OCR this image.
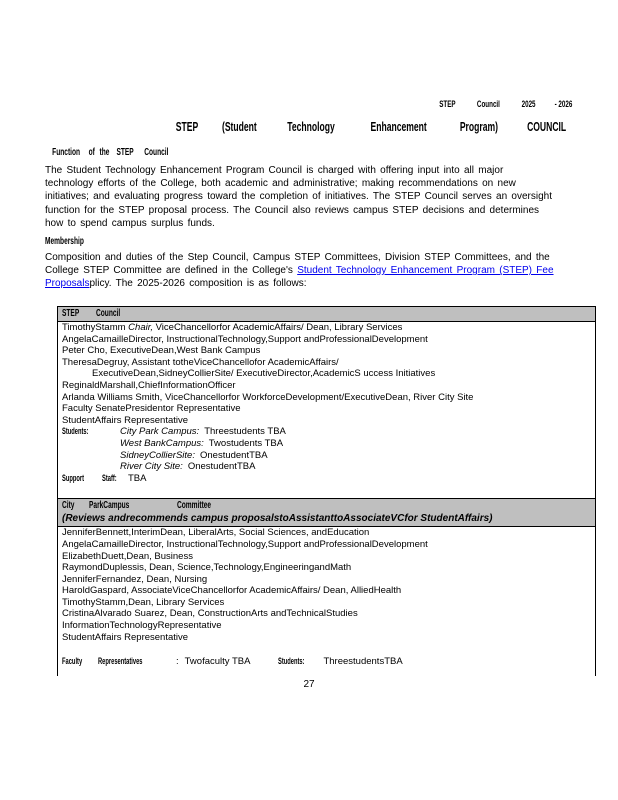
STEP Council 2025 - 2026
STEP (Student Technology	Enhancement	Program) COUNCIL
Function of the STEP Council
The Student Technology Enhancement Program Council is charged with offering input into all major
technology efforts of the College, both academic and administrative; making recommendations on new
initiatives; and evaluating progress toward the completion of initiatives. The STEP Council serves an oversight
function for the STEP proposal process. The Council also reviews campus STEP decisions and determines
how to spend campus surplus funds.
Membership
Composition and duties of the Step Council, Campus STEP Committees, Division STEP Committees, and the
College STEP Committee are defined in the College's Student Technology Enhancement Program (STEP) Fee
Proposalsplicy. The 2025-2026 composition is as follows:
STEP Council
TimothyStamm Chair, ViceChancellorfor AcademicAffairs/ Dean, Library Services
AngelaCamailleDirector, InstructionalTechnology,Support andProfessionalDevelopment
Peter Cho, ExecutiveDean,West Bank Campus
TheresaDegruy, Assistant totheViceChancellofor AcademicAffairs/
ExecutiveDean,SidneyCollierSite/ ExecutiveDirector,AcademicS uccess Initiatives
ReginaldMarshall,ChiefInformationOfficer
Arlanda Williams Smith, ViceChancellorfor WorkforceDevelopment/ExecutiveDean, River City Site
Faculty SenatePresidentor Representative
StudentAffairs Representative
Students:	City Park Campus: Threestudents TBA
West BankCampus: Twostudents TBA
SidneyCollierSite: OnestudentTBA
River City Site: OnestudentTBA
Support Staff: TBA
City ParkCampus	Committee
(Reviews andrecommends campus proposalstoAssistanttoAssociateVCfor StudentAffairs)
JenniferBennett,InterimDean, LiberalArts, Social Sciences, andEducation
AngelaCamailleDirector, InstructionalTechnology,Support andProfessionalDevelopment
ElizabethDuett,Dean, Business
RaymondDuplessis, Dean, Science,Technology,EngineeringandMath
JenniferFernandez, Dean, Nursing
HaroldGaspard, AssociateViceChancellorfor AcademicAffairs/ Dean, AlliedHealth
TimothyStamm,Dean, Library Services
CristinaAlvarado Suarez, Dean, ConstructionArts andTechnicalStudies
InformationTechnologyRepresentative
StudentAffairs Representative
Faculty Representatives	: Twofaculty TBA	Students: ThreestudentsTBA
27
